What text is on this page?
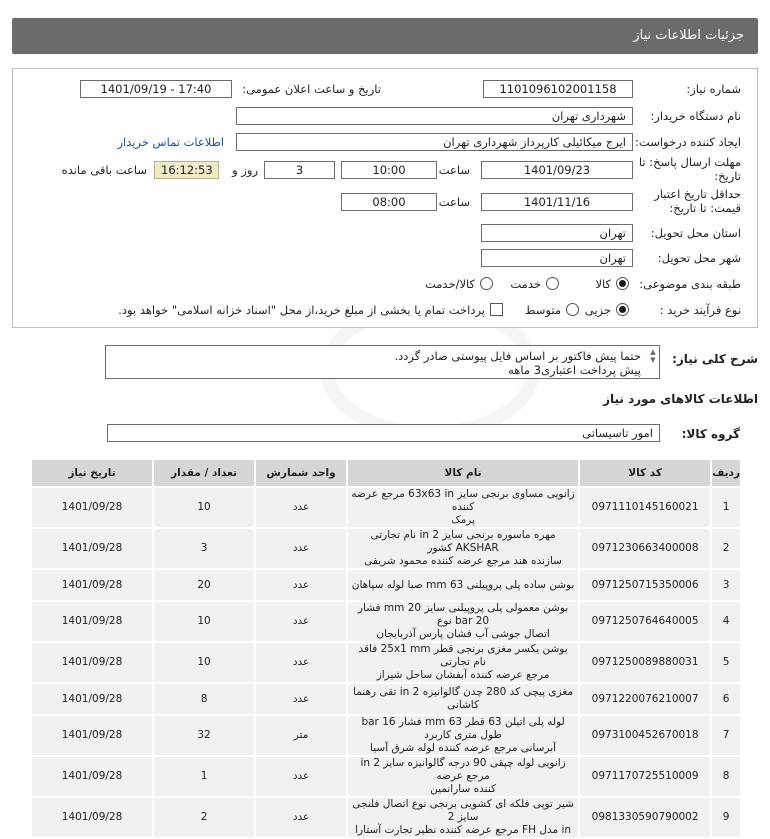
جزئیات اطلاعات نیاز
شماره نیاز:
1101096102001158
تاریخ و ساعت اعلان عمومی:
1401/09/19 - 17:40
نام دستگاه خریدار:
شهرداری تهران
ایجاد کننده درخواست:
ایرج میکائیلی کارپرداز شهرداری تهران
اطلاعات تماس خریدار
مهلت ارسال پاسخ: تا
تاریخ:
1401/09/23
ساعت
10:00
3
روز و
16:12:53
ساعت باقی مانده
حداقل تاریخ اعتبار
قیمت: تا تاریخ:
1401/11/16
ساعت
08:00
استان محل تحویل:
تهران
شهر محل تحویل:
تهران
طبقه بندی موضوعی:
کالا
خدمت
کالا/خدمت
نوع فرآیند خرید :
جزیی
متوسط
پرداخت تمام یا بخشی از مبلغ خرید،از محل "اسناد خزانه اسلامی" خواهد بود.
شرح کلی نیاز:
▲
▼
حتما پیش فاکتور بر اساس فایل پیوستی صادر گردد.
پیش پرداخت اعتباری3 ماهه
اطلاعات کالاهای مورد نیاز
گروه کالا:
امور تاسیساتی
ردیف	کد کالا	نام کالا	واحد شمارش	تعداد / مقدار	تاریخ نیاز
1	0971110145160021	زانویی مساوی برنجی سایز 63x63 in مرجع عرضه کننده
پرمک	عدد	10	1401/09/28
2	0971230663400008	مهره ماسوره برنجی سایز 2 in نام تجارتی AKSHAR کشور
سازنده هند مرجع عرضه کننده محمود شریفی	عدد	3	1401/09/28
3	0971250715350006	بوشن ساده پلی پروپیلنی 63 mm صبا لوله سپاهان	عدد	20	1401/09/28
4	0971250764640005	بوشن معمولی پلی پروپیلنی سایز 20 mm فشار 20 bar نوع
اتصال جوشی آب فشان پارس آذربایجان	عدد	10	1401/09/28
5	0971250089880031	بوشن یکسر مغزی برنجی قطر 25x1 mm فاقد نام تجارتی
مرجع عرضه کننده آبفشان ساحل شیراز	عدد	10	1401/09/28
6	0971220076210007	مغزی پیچی کد 280 چدن گالوانیزه 2 in تقی رهنما کاشانی	عدد	8	1401/09/28
7	0973100452670018	لوله پلی اتیلن 63 قطر 63 mm فشار 16 bar طول متری کاربرد
آبرسانی مرجع عرضه کننده لوله شرق آسیا	متر	32	1401/09/28
8	0971170725510009	زانویی لوله چپقی 90 درجه گالوانیزه سایز 2 in مرجع عرضه
کننده سارانمین	عدد	1	1401/09/28
9	0981330590790002	شیر توپی فلکه ای کشویی برنجی نوع اتصال فلنجی سایز 2
in مدل FH مرجع عرضه کننده نظیر تجارت آستارا	عدد	2	1401/09/28
